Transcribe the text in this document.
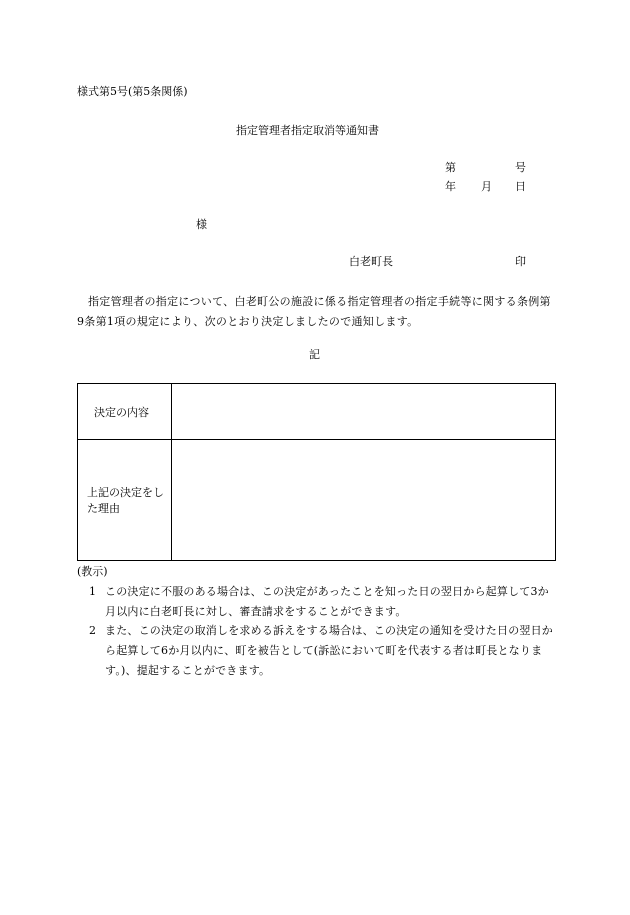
様式第5号(第5条関係)
指定管理者指定取消等通知書
第	号
年 月 日
様
白老町長	印
指定管理者の指定について、白老町公の施設に係る指定管理者の指定手続等に関する条例第9条第1項の規定により、次のとおり決定しましたので通知します。
記
決定の内容
上記の決定をした理由
(教示)
1 この決定に不服のある場合は、この決定があったことを知った日の翌日から起算して3か月以内に白老町長に対し、審査請求をすることができます。
2 また、この決定の取消しを求める訴えをする場合は、この決定の通知を受けた日の翌日から起算して6か月以内に、町を被告として(訴訟において町を代表する者は町長となります。)、提起することができます。
